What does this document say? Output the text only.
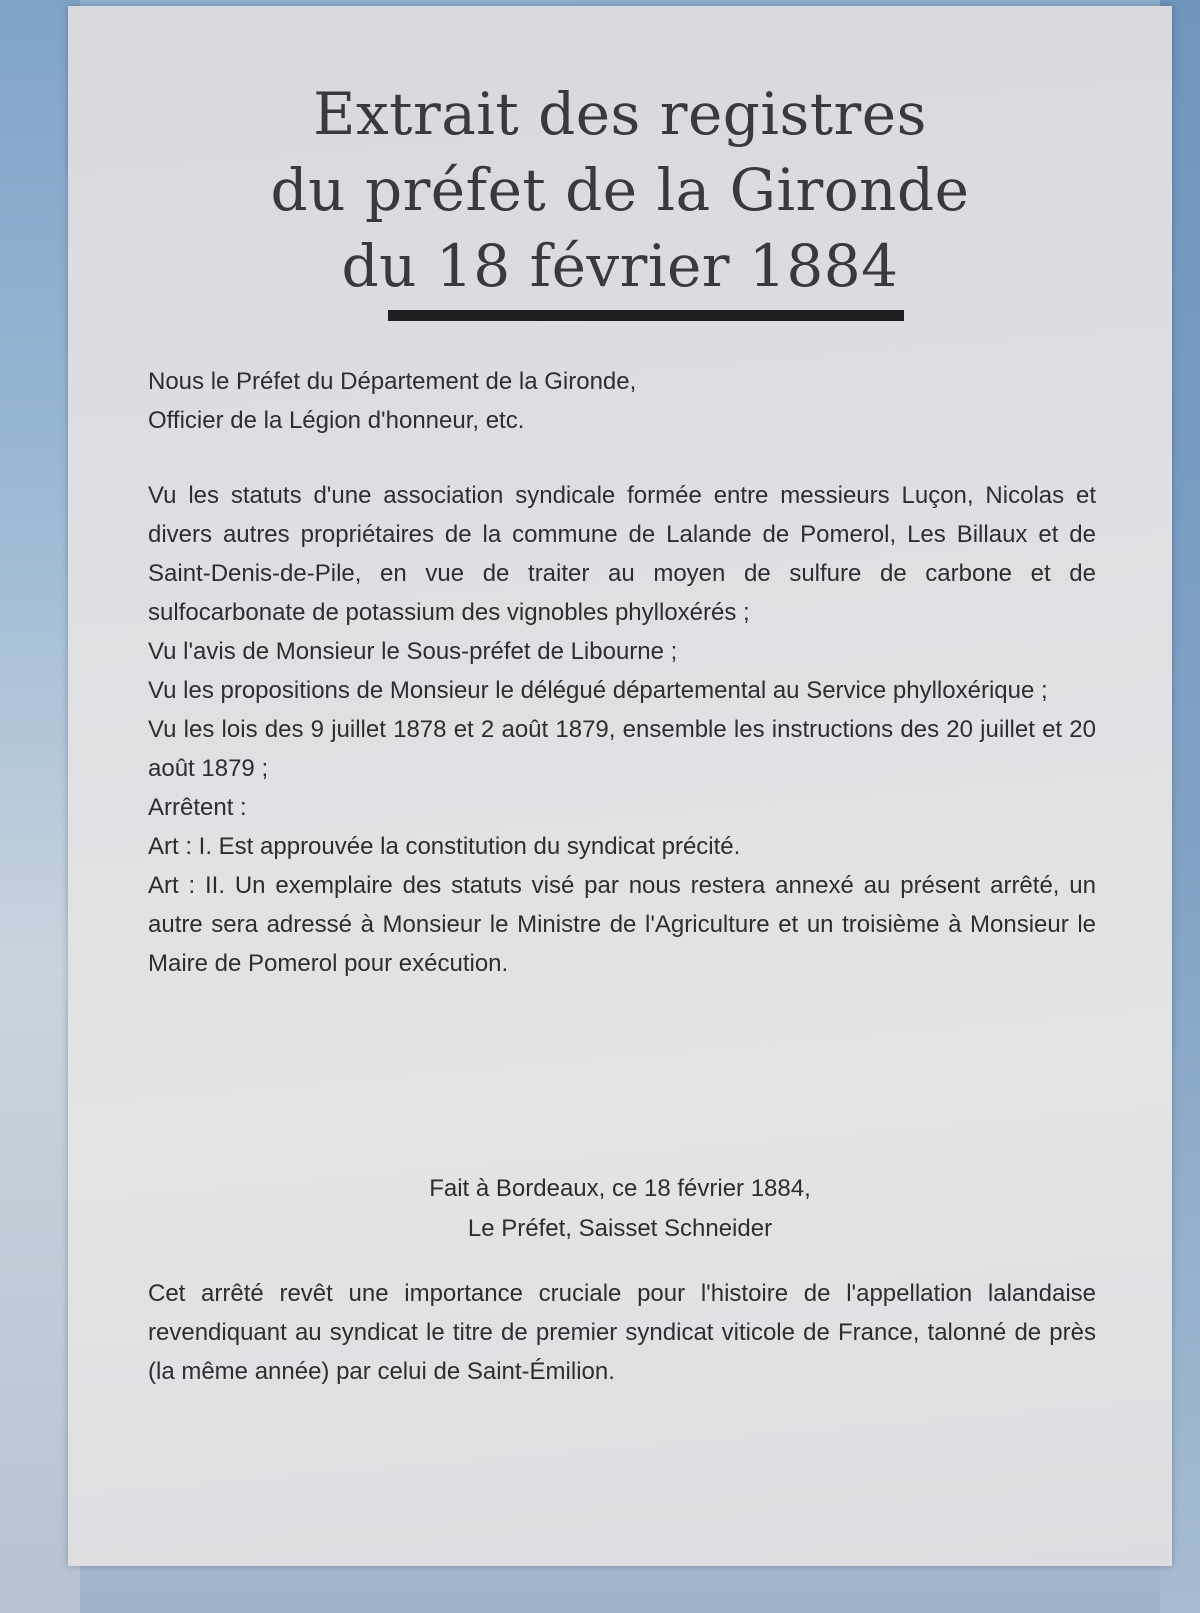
Extrait des registres
du préfet de la Gironde
du 18 février 1884

Nous le Préfet du Département de la Gironde,

Officier de la Légion d'honneur, etc.

Vu les statuts d'une association syndicale formée entre messieurs Luçon, Nicolas et divers autres propriétaires de la commune de Lalande de Pomerol, Les Billaux et de Saint-Denis-de-Pile, en vue de traiter au moyen de sulfure de carbone et de sulfocarbonate de potassium des vignobles phylloxérés ;

Vu l'avis de Monsieur le Sous-préfet de Libourne ;

Vu les propositions de Monsieur le délégué départemental au Service phylloxérique ;

Vu les lois des 9 juillet 1878 et 2 août 1879, ensemble les instructions des 20 juillet et 20 août 1879 ;

Arrêtent :

Art : I. Est approuvée la constitution du syndicat précité.

Art : II. Un exemplaire des statuts visé par nous restera annexé au présent arrêté, un autre sera adressé à Monsieur le Ministre de l'Agriculture et un troisième à Monsieur le Maire de Pomerol pour exécution.

Fait à Bordeaux, ce 18 février 1884,

Le Préfet, Saisset Schneider

Cet arrêté revêt une importance cruciale pour l'histoire de l'appellation lalandaise revendiquant au syndicat le titre de premier syndicat viticole de France, talonné de près (la même année) par celui de Saint-Émilion.
